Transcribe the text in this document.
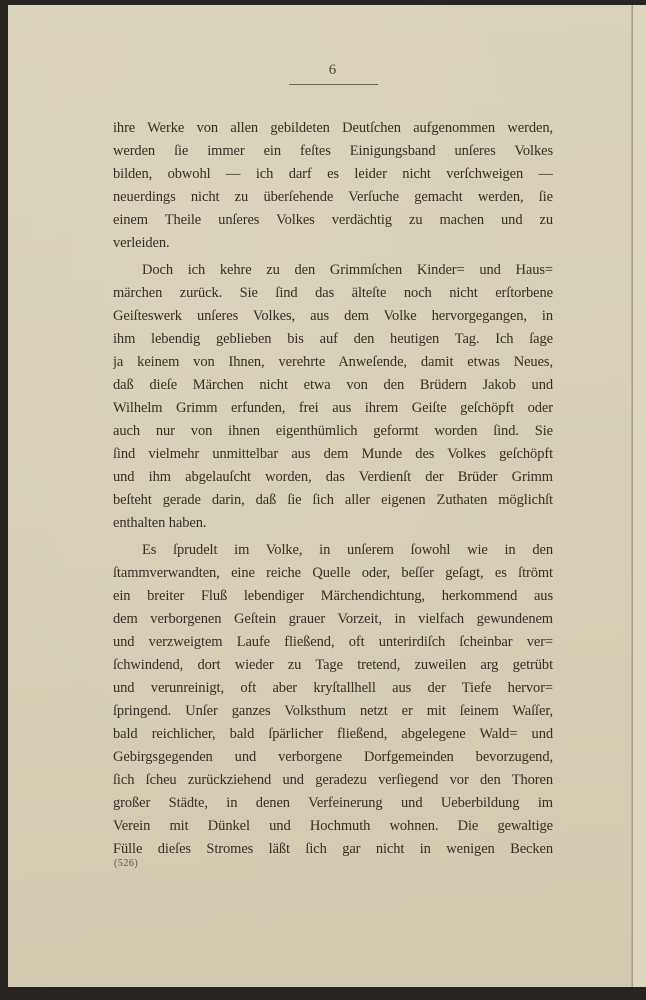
6
ihre Werke von allen gebildeten Deutſchen aufgenommen werden,
werden ſie immer ein feſtes Einigungsband unſeres Volkes
bilden, obwohl — ich darf es leider nicht verſchweigen —
neuerdings nicht zu überſehende Verſuche gemacht werden, ſie
einem Theile unſeres Volkes verdächtig zu machen und zu
verleiden.
Doch ich kehre zu den Grimmſchen Kinder= und Haus=
märchen zurück. Sie ſind das älteſte noch nicht erſtorbene
Geiſteswerk unſeres Volkes, aus dem Volke hervorgegangen, in
ihm lebendig geblieben bis auf den heutigen Tag. Ich ſage
ja keinem von Ihnen, verehrte Anweſende, damit etwas Neues,
daß dieſe Märchen nicht etwa von den Brüdern Jakob und
Wilhelm Grimm erfunden, frei aus ihrem Geiſte geſchöpft oder
auch nur von ihnen eigenthümlich geformt worden ſind. Sie
ſind vielmehr unmittelbar aus dem Munde des Volkes geſchöpft
und ihm abgelauſcht worden, das Verdienſt der Brüder Grimm
beſteht gerade darin, daß ſie ſich aller eigenen Zuthaten möglichſt
enthalten haben.
Es ſprudelt im Volke, in unſerem ſowohl wie in den
ſtammverwandten, eine reiche Quelle oder, beſſer geſagt, es ſtrömt
ein breiter Fluß lebendiger Märchendichtung, herkommend aus
dem verborgenen Geſtein grauer Vorzeit, in vielfach gewundenem
und verzweigtem Laufe fließend, oft unterirdiſch ſcheinbar ver=
ſchwindend, dort wieder zu Tage tretend, zuweilen arg getrübt
und verunreinigt, oft aber kryſtallhell aus der Tiefe hervor=
ſpringend. Unſer ganzes Volksthum netzt er mit ſeinem Waſſer,
bald reichlicher, bald ſpärlicher fließend, abgelegene Wald= und
Gebirgsgegenden und verborgene Dorfgemeinden bevorzugend,
ſich ſcheu zurückziehend und geradezu verſiegend vor den Thoren
großer Städte, in denen Verfeinerung und Ueberbildung im
Verein mit Dünkel und Hochmuth wohnen. Die gewaltige
Fülle dieſes Stromes läßt ſich gar nicht in wenigen Becken
(526)
